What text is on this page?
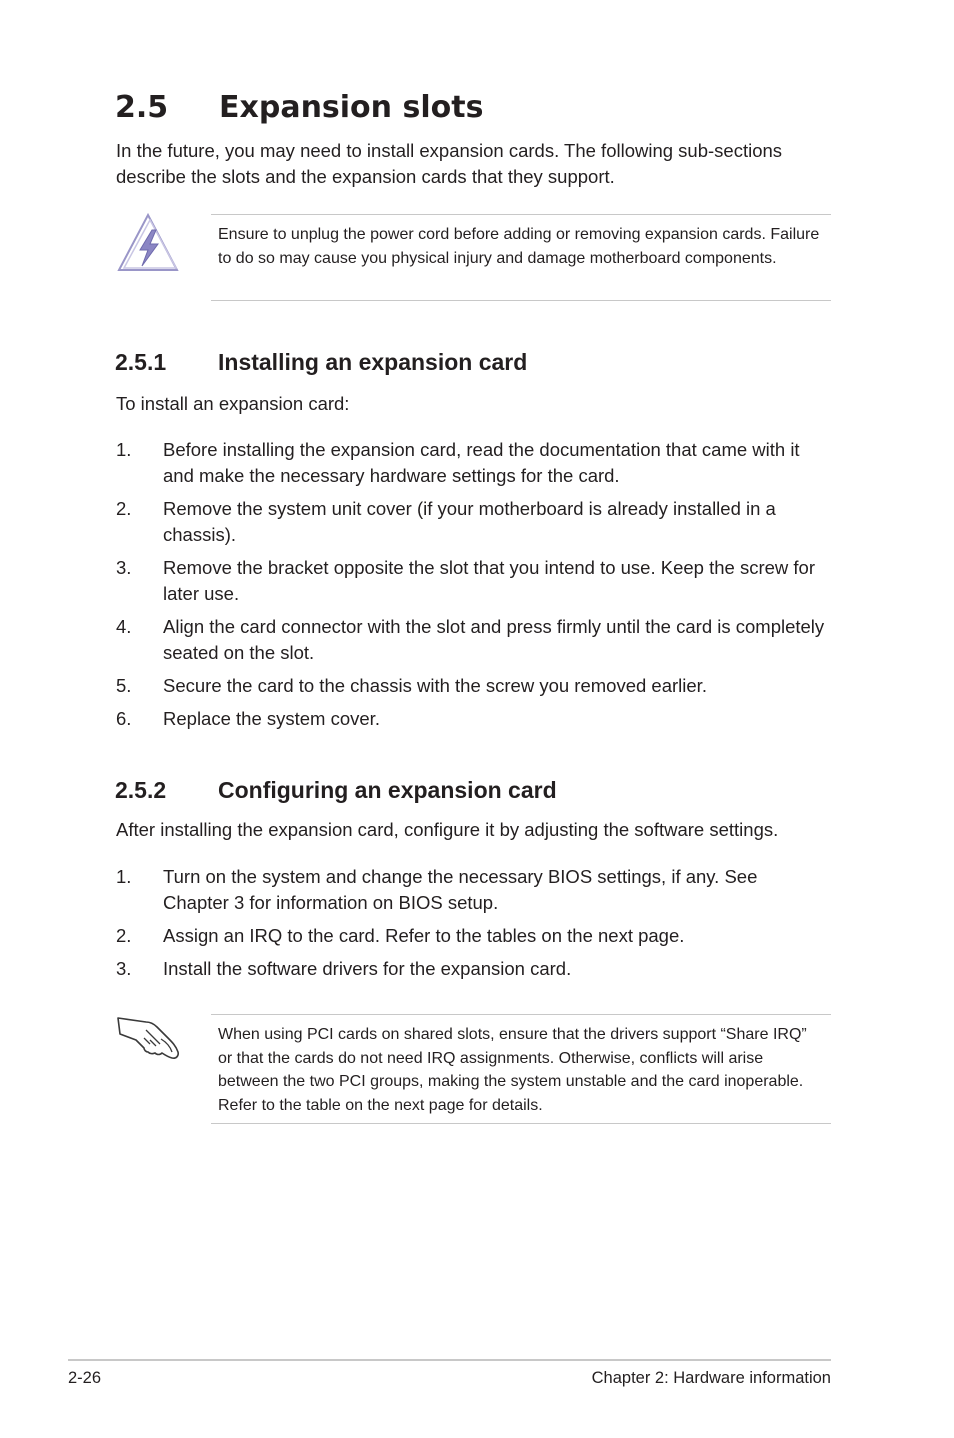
2.5 Expansion slots
In the future, you may need to install expansion cards. The following sub-sections describe the slots and the expansion cards that they support.
Ensure to unplug the power cord before adding or removing expansion cards. Failure to do so may cause you physical injury and damage motherboard components.
2.5.1 Installing an expansion card
To install an expansion card:
1. Before installing the expansion card, read the documentation that came with it and make the necessary hardware settings for the card.
2. Remove the system unit cover (if your motherboard is already installed in a chassis).
3. Remove the bracket opposite the slot that you intend to use. Keep the screw for later use.
4. Align the card connector with the slot and press firmly until the card is completely seated on the slot.
5. Secure the card to the chassis with the screw you removed earlier.
6. Replace the system cover.
2.5.2 Configuring an expansion card
After installing the expansion card, configure it by adjusting the software settings.
1. Turn on the system and change the necessary BIOS settings, if any. See Chapter 3 for information on BIOS setup.
2. Assign an IRQ to the card. Refer to the tables on the next page.
3. Install the software drivers for the expansion card.
When using PCI cards on shared slots, ensure that the drivers support “Share IRQ” or that the cards do not need IRQ assignments. Otherwise, conflicts will arise between the two PCI groups, making the system unstable and the card inoperable. Refer to the table on the next page for details.
2-26	Chapter 2: Hardware information
